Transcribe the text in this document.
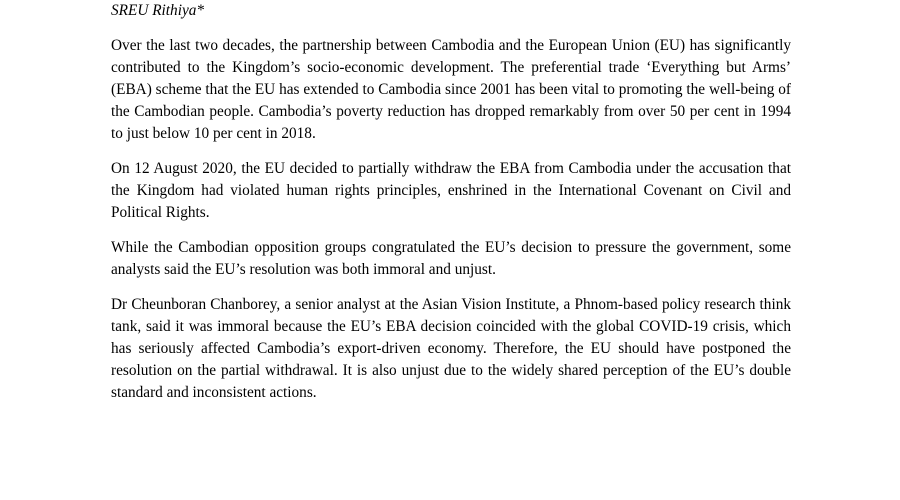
SREU Rithiya*

Over the last two decades, the partnership between Cambodia and the European Union (EU) has significantly contributed to the Kingdom’s socio-economic development. The preferential trade ‘Everything but Arms’ (EBA) scheme that the EU has extended to Cambodia since 2001 has been vital to promoting the well-being of the Cambodian people. Cambodia’s poverty reduction has dropped remarkably from over 50 per cent in 1994 to just below 10 per cent in 2018.

On 12 August 2020, the EU decided to partially withdraw the EBA from Cambodia under the accusation that the Kingdom had violated human rights principles, enshrined in the International Covenant on Civil and Political Rights.

While the Cambodian opposition groups congratulated the EU’s decision to pressure the government, some analysts said the EU’s resolution was both immoral and unjust.

Dr Cheunboran Chanborey, a senior analyst at the Asian Vision Institute, a Phnom-based policy research think tank, said it was immoral because the EU’s EBA decision coincided with the global COVID-19 crisis, which has seriously affected Cambodia’s export-driven economy. Therefore, the EU should have postponed the resolution on the partial withdrawal. It is also unjust due to the widely shared perception of the EU’s double standard and inconsistent actions.
